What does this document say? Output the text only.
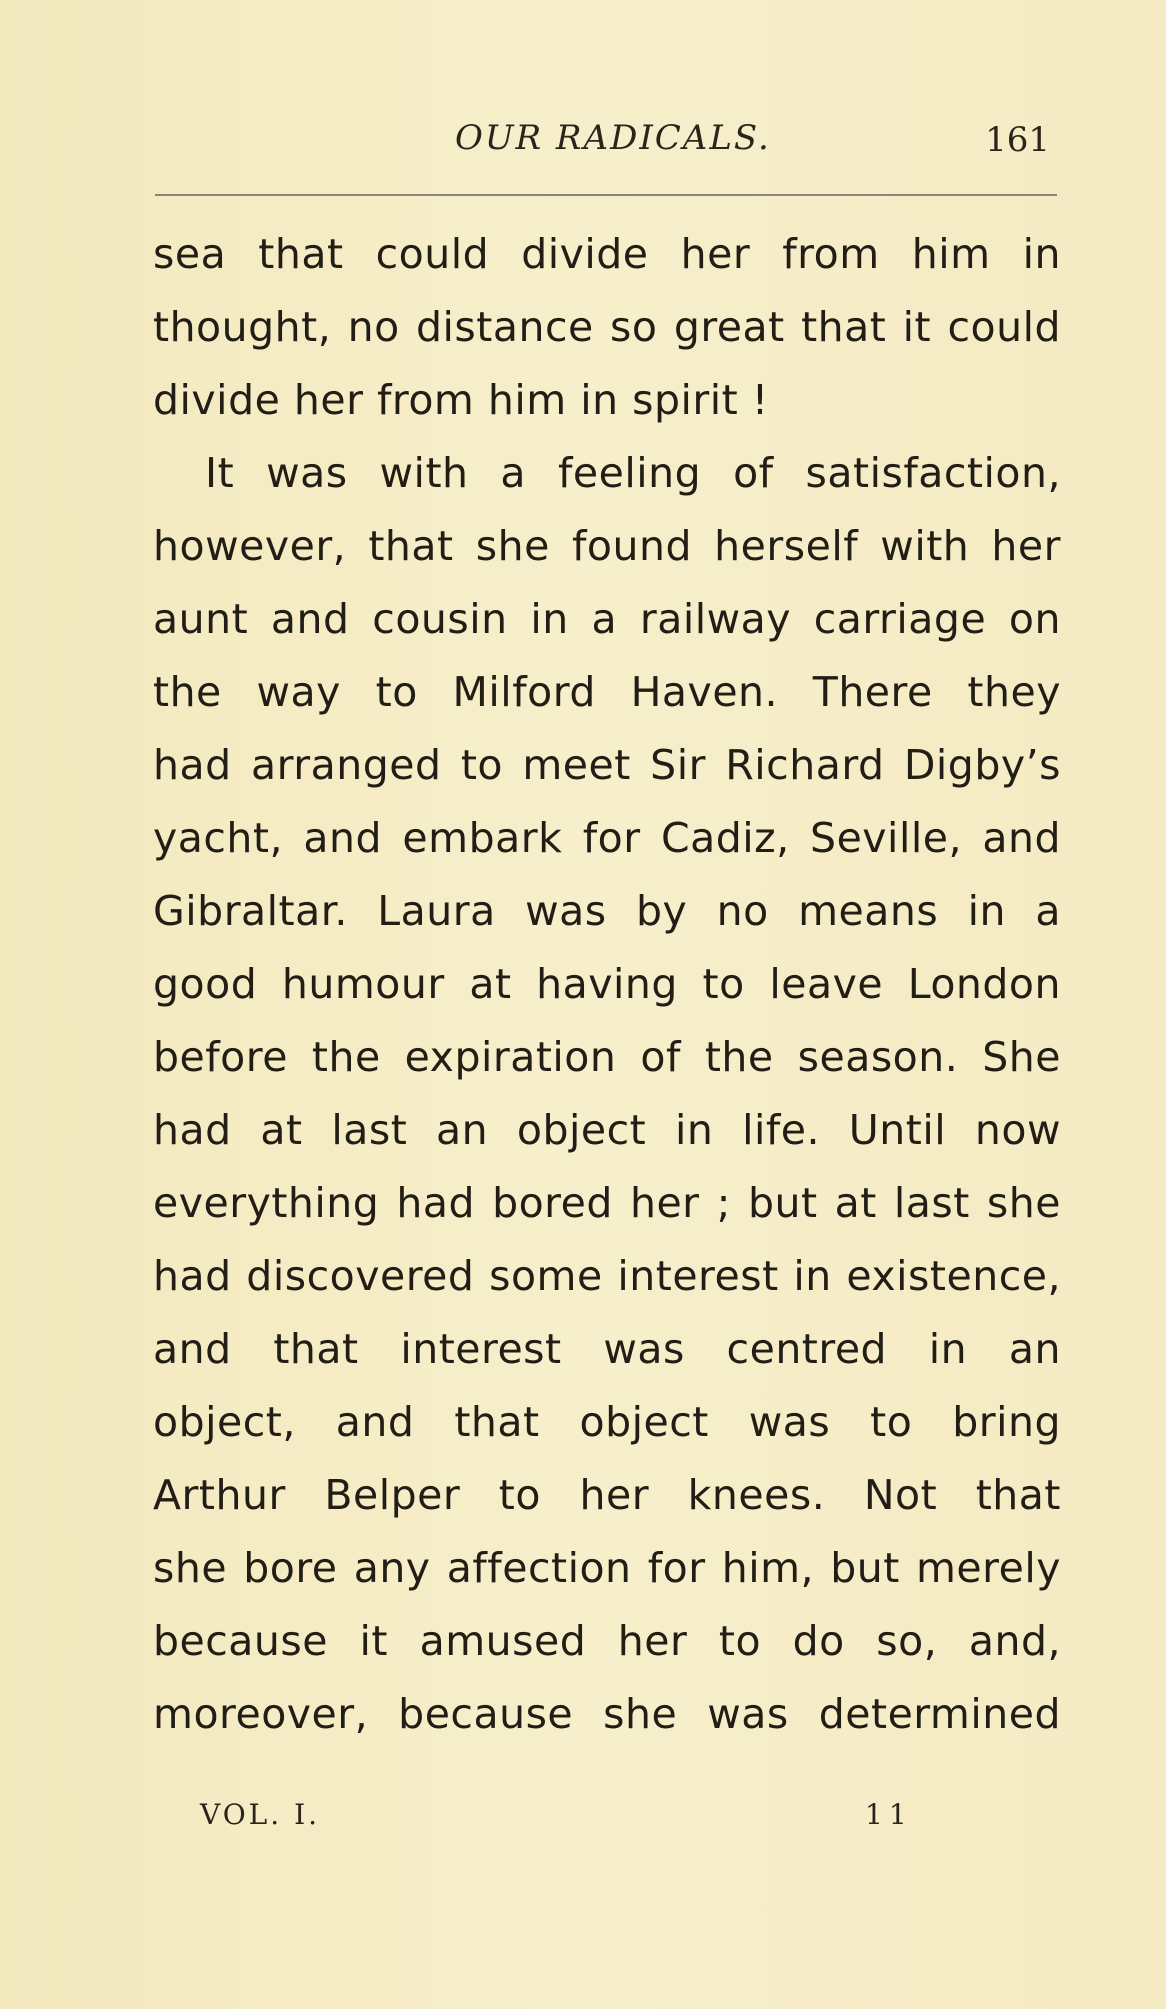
OUR RADICALS.	161
sea that could divide her from him in
thought, no distance so great that it could
divide her from him in spirit !
It was with a feeling of satisfaction,
however, that she found herself with her
aunt and cousin in a railway carriage on
the way to Milford Haven. There they
had arranged to meet Sir Richard Digby’s
yacht, and embark for Cadiz, Seville, and
Gibraltar. Laura was by no means in a
good humour at having to leave London
before the expiration of the season. She
had at last an object in life. Until now
everything had bored her ; but at last she
had discovered some interest in existence,
and that interest was centred in an
object, and that object was to bring
Arthur Belper to her knees. Not that
she bore any affection for him, but merely
because it amused her to do so, and,
moreover, because she was determined
VOL. I.	11
